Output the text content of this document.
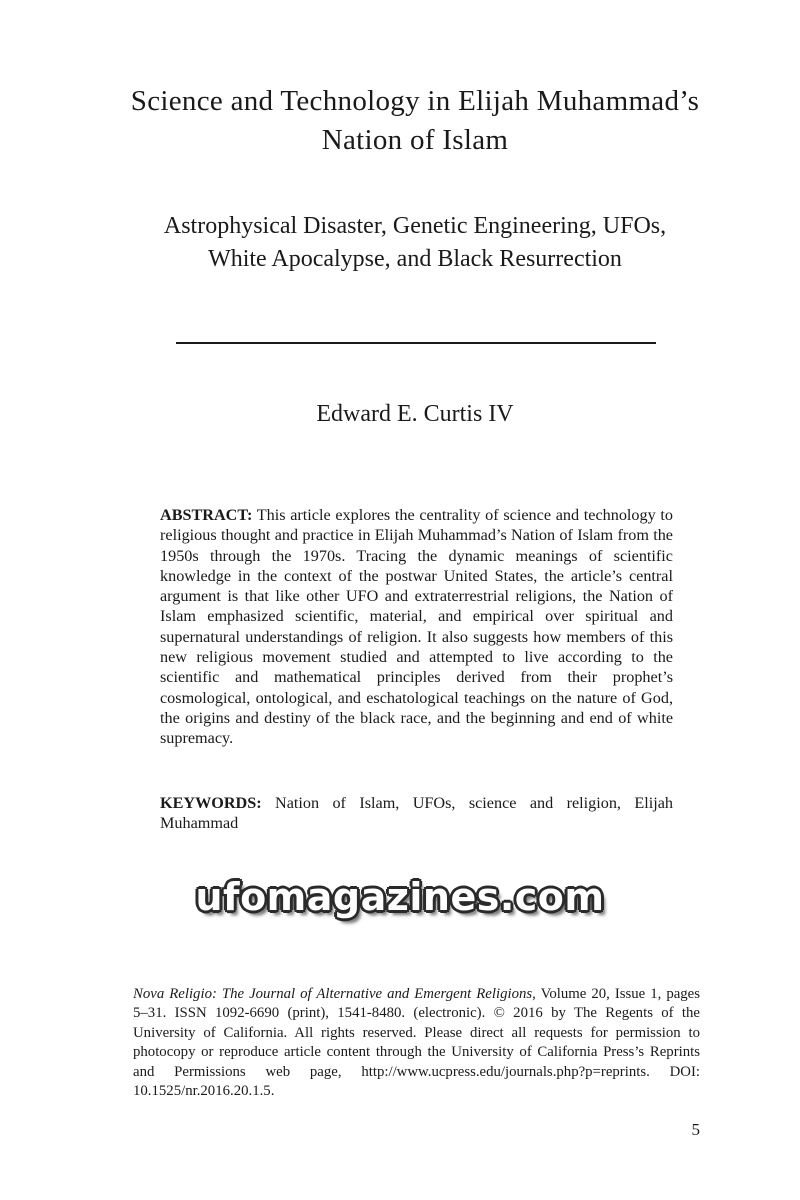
Science and Technology in Elijah Muhammad’s Nation of Islam
Astrophysical Disaster, Genetic Engineering, UFOs, White Apocalypse, and Black Resurrection
Edward E. Curtis IV
ABSTRACT: This article explores the centrality of science and technology to religious thought and practice in Elijah Muhammad’s Nation of Islam from the 1950s through the 1970s. Tracing the dynamic meanings of scientific knowledge in the context of the postwar United States, the article’s central argument is that like other UFO and extraterrestrial religions, the Nation of Islam emphasized scientific, material, and empirical over spiritual and supernatural understandings of religion. It also suggests how members of this new religious movement studied and attempted to live according to the scientific and mathematical principles derived from their prophet’s cosmological, ontological, and eschatological teachings on the nature of God, the origins and destiny of the black race, and the beginning and end of white supremacy.
KEYWORDS: Nation of Islam, UFOs, science and religion, Elijah Muhammad
ufomagazines.com
Nova Religio: The Journal of Alternative and Emergent Religions, Volume 20, Issue 1, pages 5–31. ISSN 1092-6690 (print), 1541-8480. (electronic). © 2016 by The Regents of the University of California. All rights reserved. Please direct all requests for permission to photocopy or reproduce article content through the University of California Press’s Reprints and Permissions web page, http://www.ucpress.edu/journals.php?p=reprints. DOI: 10.1525/nr.2016.20.1.5.
5
